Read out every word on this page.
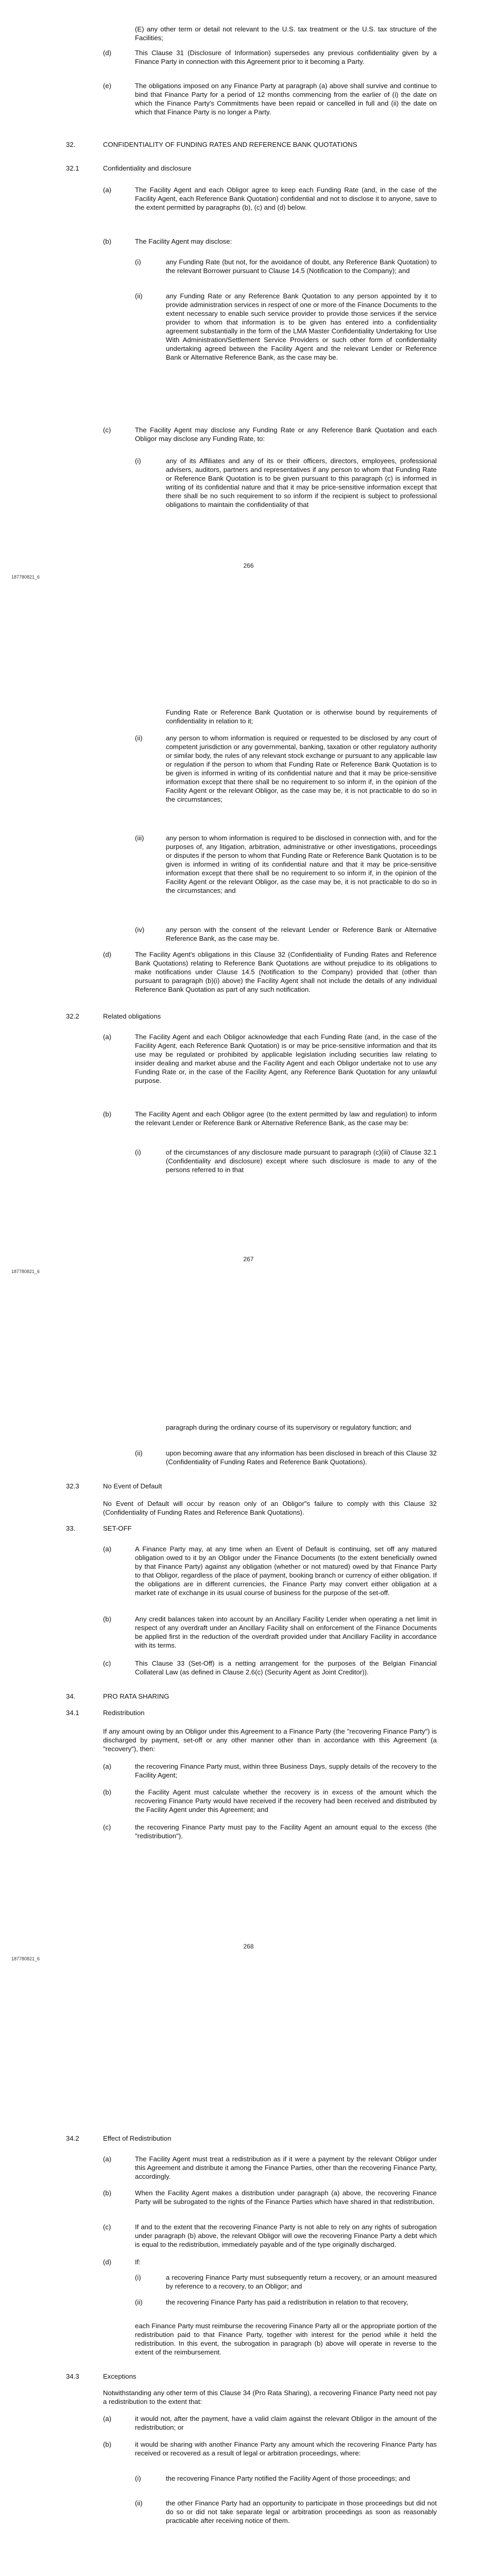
(E) any other term or detail not relevant to the U.S. tax treatment or the U.S. tax structure of the Facilities;
(d)	This Clause 31 (Disclosure of Information) supersedes any previous confidentiality given by a Finance Party in connection with this Agreement prior to it becoming a Party.
(e)	The obligations imposed on any Finance Party at paragraph (a) above shall survive and continue to bind that Finance Party for a period of 12 months commencing from the earlier of (i) the date on which the Finance Party's Commitments have been repaid or cancelled in full and (ii) the date on which that Finance Party is no longer a Party.
32.	CONFIDENTIALITY OF FUNDING RATES AND REFERENCE BANK QUOTATIONS
32.1	Confidentiality and disclosure
(a)	The Facility Agent and each Obligor agree to keep each Funding Rate (and, in the case of the Facility Agent, each Reference Bank Quotation) confidential and not to disclose it to anyone, save to the extent permitted by paragraphs (b), (c) and (d) below.
(b)	The Facility Agent may disclose:
(i)	any Funding Rate (but not, for the avoidance of doubt, any Reference Bank Quotation) to the relevant Borrower pursuant to Clause 14.5 (Notification to the Company); and
(ii)	any Funding Rate or any Reference Bank Quotation to any person appointed by it to provide administration services in respect of one or more of the Finance Documents to the extent necessary to enable such service provider to provide those services if the service provider to whom that information is to be given has entered into a confidentiality agreement substantially in the form of the LMA Master Confidentiality Undertaking for Use With Administration/Settlement Service Providers or such other form of confidentiality undertaking agreed between the Facility Agent and the relevant Lender or Reference Bank or Alternative Reference Bank, as the case may be.
(c)	The Facility Agent may disclose any Funding Rate or any Reference Bank Quotation and each Obligor may disclose any Funding Rate, to:
(i)	any of its Affiliates and any of its or their officers, directors, employees, professional advisers, auditors, partners and representatives if any person to whom that Funding Rate or Reference Bank Quotation is to be given pursuant to this paragraph (c) is informed in writing of its confidential nature and that it may be price-sensitive information except that there shall be no such requirement to so inform if the recipient is subject to professional obligations to maintain the confidentiality of that
187780821_6
266
Funding Rate or Reference Bank Quotation or is otherwise bound by requirements of confidentiality in relation to it;
(ii)	any person to whom information is required or requested to be disclosed by any court of competent jurisdiction or any governmental, banking, taxation or other regulatory authority or similar body, the rules of any relevant stock exchange or pursuant to any applicable law or regulation if the person to whom that Funding Rate or Reference Bank Quotation is to be given is informed in writing of its confidential nature and that it may be price-sensitive information except that there shall be no requirement to so inform if, in the opinion of the Facility Agent or the relevant Obligor, as the case may be, it is not practicable to do so in the circumstances;
(iii)	any person to whom information is required to be disclosed in connection with, and for the purposes of, any litigation, arbitration, administrative or other investigations, proceedings or disputes if the person to whom that Funding Rate or Reference Bank Quotation is to be given is informed in writing of its confidential nature and that it may be price-sensitive information except that there shall be no requirement to so inform if, in the opinion of the Facility Agent or the relevant Obligor, as the case may be, it is not practicable to do so in the circumstances; and
(iv)	any person with the consent of the relevant Lender or Reference Bank or Alternative Reference Bank, as the case may be.
(d)	The Facility Agent's obligations in this Clause 32 (Confidentiality of Funding Rates and Reference Bank Quotations) relating to Reference Bank Quotations are without prejudice to its obligations to make notifications under Clause 14.5 (Notification to the Company) provided that (other than pursuant to paragraph (b)(i) above) the Facility Agent shall not include the details of any individual Reference Bank Quotation as part of any such notification.
32.2	Related obligations
(a)	The Facility Agent and each Obligor acknowledge that each Funding Rate (and, in the case of the Facility Agent, each Reference Bank Quotation) is or may be price-sensitive information and that its use may be regulated or prohibited by applicable legislation including securities law relating to insider dealing and market abuse and the Facility Agent and each Obligor undertake not to use any Funding Rate or, in the case of the Facility Agent, any Reference Bank Quotation for any unlawful purpose.
(b)	The Facility Agent and each Obligor agree (to the extent permitted by law and regulation) to inform the relevant Lender or Reference Bank or Alternative Reference Bank, as the case may be:
(i)	of the circumstances of any disclosure made pursuant to paragraph (c)(iii) of Clause 32.1 (Confidentiality and disclosure) except where such disclosure is made to any of the persons referred to in that
187780821_6
267
paragraph during the ordinary course of its supervisory or regulatory function; and
(ii)	upon becoming aware that any information has been disclosed in breach of this Clause 32 (Confidentiality of Funding Rates and Reference Bank Quotations).
32.3	No Event of Default
No Event of Default will occur by reason only of an Obligor"s failure to comply with this Clause 32 (Confidentiality of Funding Rates and Reference Bank Quotations).
33.	SET-OFF
(a)	A Finance Party may, at any time when an Event of Default is continuing, set off any matured obligation owed to it by an Obligor under the Finance Documents (to the extent beneficially owned by that Finance Party) against any obligation (whether or not matured) owed by that Finance Party to that Obligor, regardless of the place of payment, booking branch or currency of either obligation. If the obligations are in different currencies, the Finance Party may convert either obligation at a market rate of exchange in its usual course of business for the purpose of the set-off.
(b)	Any credit balances taken into account by an Ancillary Facility Lender when operating a net limit in respect of any overdraft under an Ancillary Facility shall on enforcement of the Finance Documents be applied first in the reduction of the overdraft provided under that Ancillary Facility in accordance with its terms.
(c)	This Clause 33 (Set-Off) is a netting arrangement for the purposes of the Belgian Financial Collateral Law (as defined in Clause 2.6(c) (Security Agent as Joint Creditor)).
34.	PRO RATA SHARING
34.1	Redistribution
If any amount owing by an Obligor under this Agreement to a Finance Party (the "recovering Finance Party") is discharged by payment, set-off or any other manner other than in accordance with this Agreement (a "recovery"), then:
(a)	the recovering Finance Party must, within three Business Days, supply details of the recovery to the Facility Agent;
(b)	the Facility Agent must calculate whether the recovery is in excess of the amount which the recovering Finance Party would have received if the recovery had been received and distributed by the Facility Agent under this Agreement; and
(c)	the recovering Finance Party must pay to the Facility Agent an amount equal to the excess (the "redistribution").
187780821_6
268
34.2	Effect of Redistribution
(a)	The Facility Agent must treat a redistribution as if it were a payment by the relevant Obligor under this Agreement and distribute it among the Finance Parties, other than the recovering Finance Party, accordingly.
(b)	When the Facility Agent makes a distribution under paragraph (a) above, the recovering Finance Party will be subrogated to the rights of the Finance Parties which have shared in that redistribution.
(c)	If and to the extent that the recovering Finance Party is not able to rely on any rights of subrogation under paragraph (b) above, the relevant Obligor will owe the recovering Finance Party a debt which is equal to the redistribution, immediately payable and of the type originally discharged.
(d)	If:
(i)	a recovering Finance Party must subsequently return a recovery, or an amount measured by reference to a recovery, to an Obligor; and
(ii)	the recovering Finance Party has paid a redistribution in relation to that recovery,
each Finance Party must reimburse the recovering Finance Party all or the appropriate portion of the redistribution paid to that Finance Party, together with interest for the period while it held the redistribution. In this event, the subrogation in paragraph (b) above will operate in reverse to the extent of the reimbursement.
34.3	Exceptions
Notwithstanding any other term of this Clause 34 (Pro Rata Sharing), a recovering Finance Party need not pay a redistribution to the extent that:
(a)	it would not, after the payment, have a valid claim against the relevant Obligor in the amount of the redistribution; or
(b)	it would be sharing with another Finance Party any amount which the recovering Finance Party has received or recovered as a result of legal or arbitration proceedings, where:
(i)	the recovering Finance Party notified the Facility Agent of those proceedings; and
(ii)	the other Finance Party had an opportunity to participate in those proceedings but did not do so or did not take separate legal or arbitration proceedings as soon as reasonably practicable after receiving notice of them.
